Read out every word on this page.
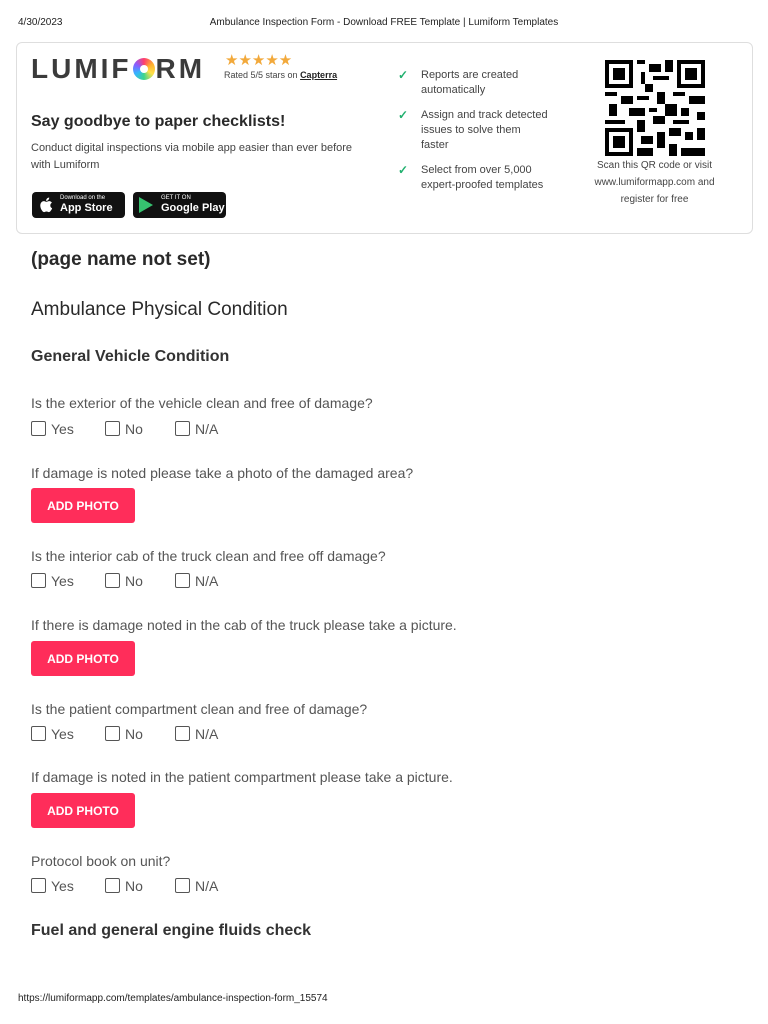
4/30/2023	Ambulance Inspection Form - Download FREE Template | Lumiform Templates
LUMIF RM ★★★★★
Rated 5/5 stars on Capterra
Say goodbye to paper checklists!
Conduct digital inspections via mobile app easier than ever before with Lumiform
Download on the
App Store
GET IT ON
Google Play
✓	Reports are created automatically
✓	Assign and track detected issues to solve them faster
✓	Select from over 5,000 expert-proofed templates
Scan this QR code or visit www.lumiformapp.com and register for free
(page name not set)
Ambulance Physical Condition
General Vehicle Condition
Is the exterior of the vehicle clean and free of damage?
Yes	No	N/A
If damage is noted please take a photo of the damaged area?
ADD PHOTO
Is the interior cab of the truck clean and free off damage?
Yes	No	N/A
If there is damage noted in the cab of the truck please take a picture.
ADD PHOTO
Is the patient compartment clean and free of damage?
Yes	No	N/A
If damage is noted in the patient compartment please take a picture.
ADD PHOTO
Protocol book on unit?
Yes	No	N/A
Fuel and general engine fluids check
https://lumiformapp.com/templates/ambulance-inspection-form_15574
